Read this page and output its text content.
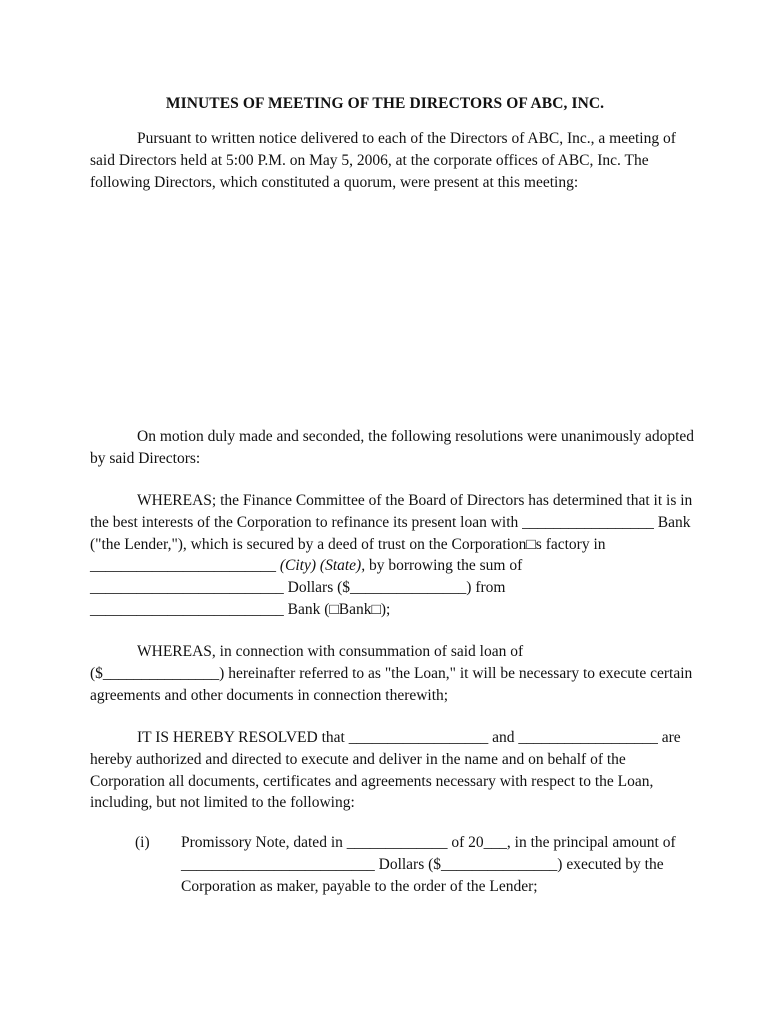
MINUTES OF MEETING OF THE DIRECTORS OF ABC, INC.
Pursuant to written notice delivered to each of the Directors of ABC, Inc., a meeting of
said Directors held at 5:00 P.M. on May 5, 2006, at the corporate offices of ABC, Inc. The
following Directors, which constituted a quorum, were present at this meeting:
On motion duly made and seconded, the following resolutions were unanimously adopted
by said Directors:
WHEREAS; the Finance Committee of the Board of Directors has determined that it is in
the best interests of the Corporation to refinance its present loan with _________________ Bank
("the Lender,"), which is secured by a deed of trust on the Corporation□s factory in
________________________ (City) (State), by borrowing the sum of
_________________________ Dollars ($_______________) from
_________________________ Bank (□Bank□);
WHEREAS, in connection with consummation of said loan of
($_______________) hereinafter referred to as "the Loan," it will be necessary to execute certain
agreements and other documents in connection therewith;
IT IS HEREBY RESOLVED that __________________ and __________________ are
hereby authorized and directed to execute and deliver in the name and on behalf of the
Corporation all documents, certificates and agreements necessary with respect to the Loan,
including, but not limited to the following:
(i) Promissory Note, dated in _____________ of 20___, in the principal amount of
_________________________ Dollars ($_______________) executed by the
Corporation as maker, payable to the order of the Lender;
